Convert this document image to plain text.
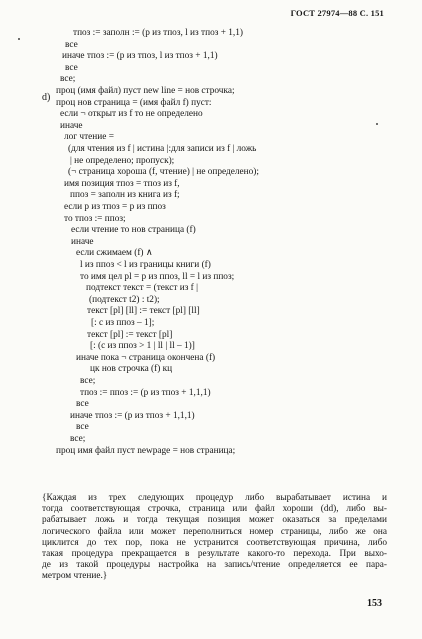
ГОСТ 27974—88 С. 151
d)
тпоз := заполн := (р из тпоз, l из тпоз + 1,1)
все
иначе тпоз := (р из тпоз, l из тпоз + 1,1)
все
все;
проц (имя файл) пуст new line = нов строчка;
проц нов страница = (имя файл f) пуст:
если ¬ открыт из f то не определено
иначе
лог чтение =
(для чтения из f | истина |:для записи из f | ложь
| не определено; пропуск);
(¬ страница хороша (f, чтение) | не определено);
имя позиция тпоз = тпоз из f,
ппоз = заполн из книга из f;
если р из тпоз = р из ппоз
то тпоз := ппоз;
если чтение то нов страница (f)
иначе
если сжимаем (f) ∧
l из ппоз < l из границы книги (f)
то имя цел pl = р из ппоз, ll = l из ппоз;
подтекст текст = (текст из f |
(подтекст t2) : t2);
текст [pl] [ll] := текст [pl] [ll]
[: с из ппоз – 1];
текст [pl] := текст [pl]
[: (с из ппоз > 1 | ll | ll – 1)]
иначе пока ¬ страница окончена (f)
цк нов строчка (f) кц
все;
тпоз := ппоз := (р из тпоз + 1,1,1)
все
иначе тпоз := (р из тпоз + 1,1,1)
все
все;
проц имя файл пуст newpage = нов страница;
{Каждая из трех следующих процедур либо вырабатывает истина и
тогда соответствующая строчка, страница или файл хороши (dd), либо вы-
рабатывает ложь и тогда текущая позиция может оказаться за пределами
логического файла или может переполниться номер страницы, либо же она
циклится до тех пор, пока не устранится соответствующая причина, либо
такая процедура прекращается в результате какого-то перехода. При выхо-
де из такой процедуры настройка на запись/чтение определяется ее пара-
метром чтение.}
153
